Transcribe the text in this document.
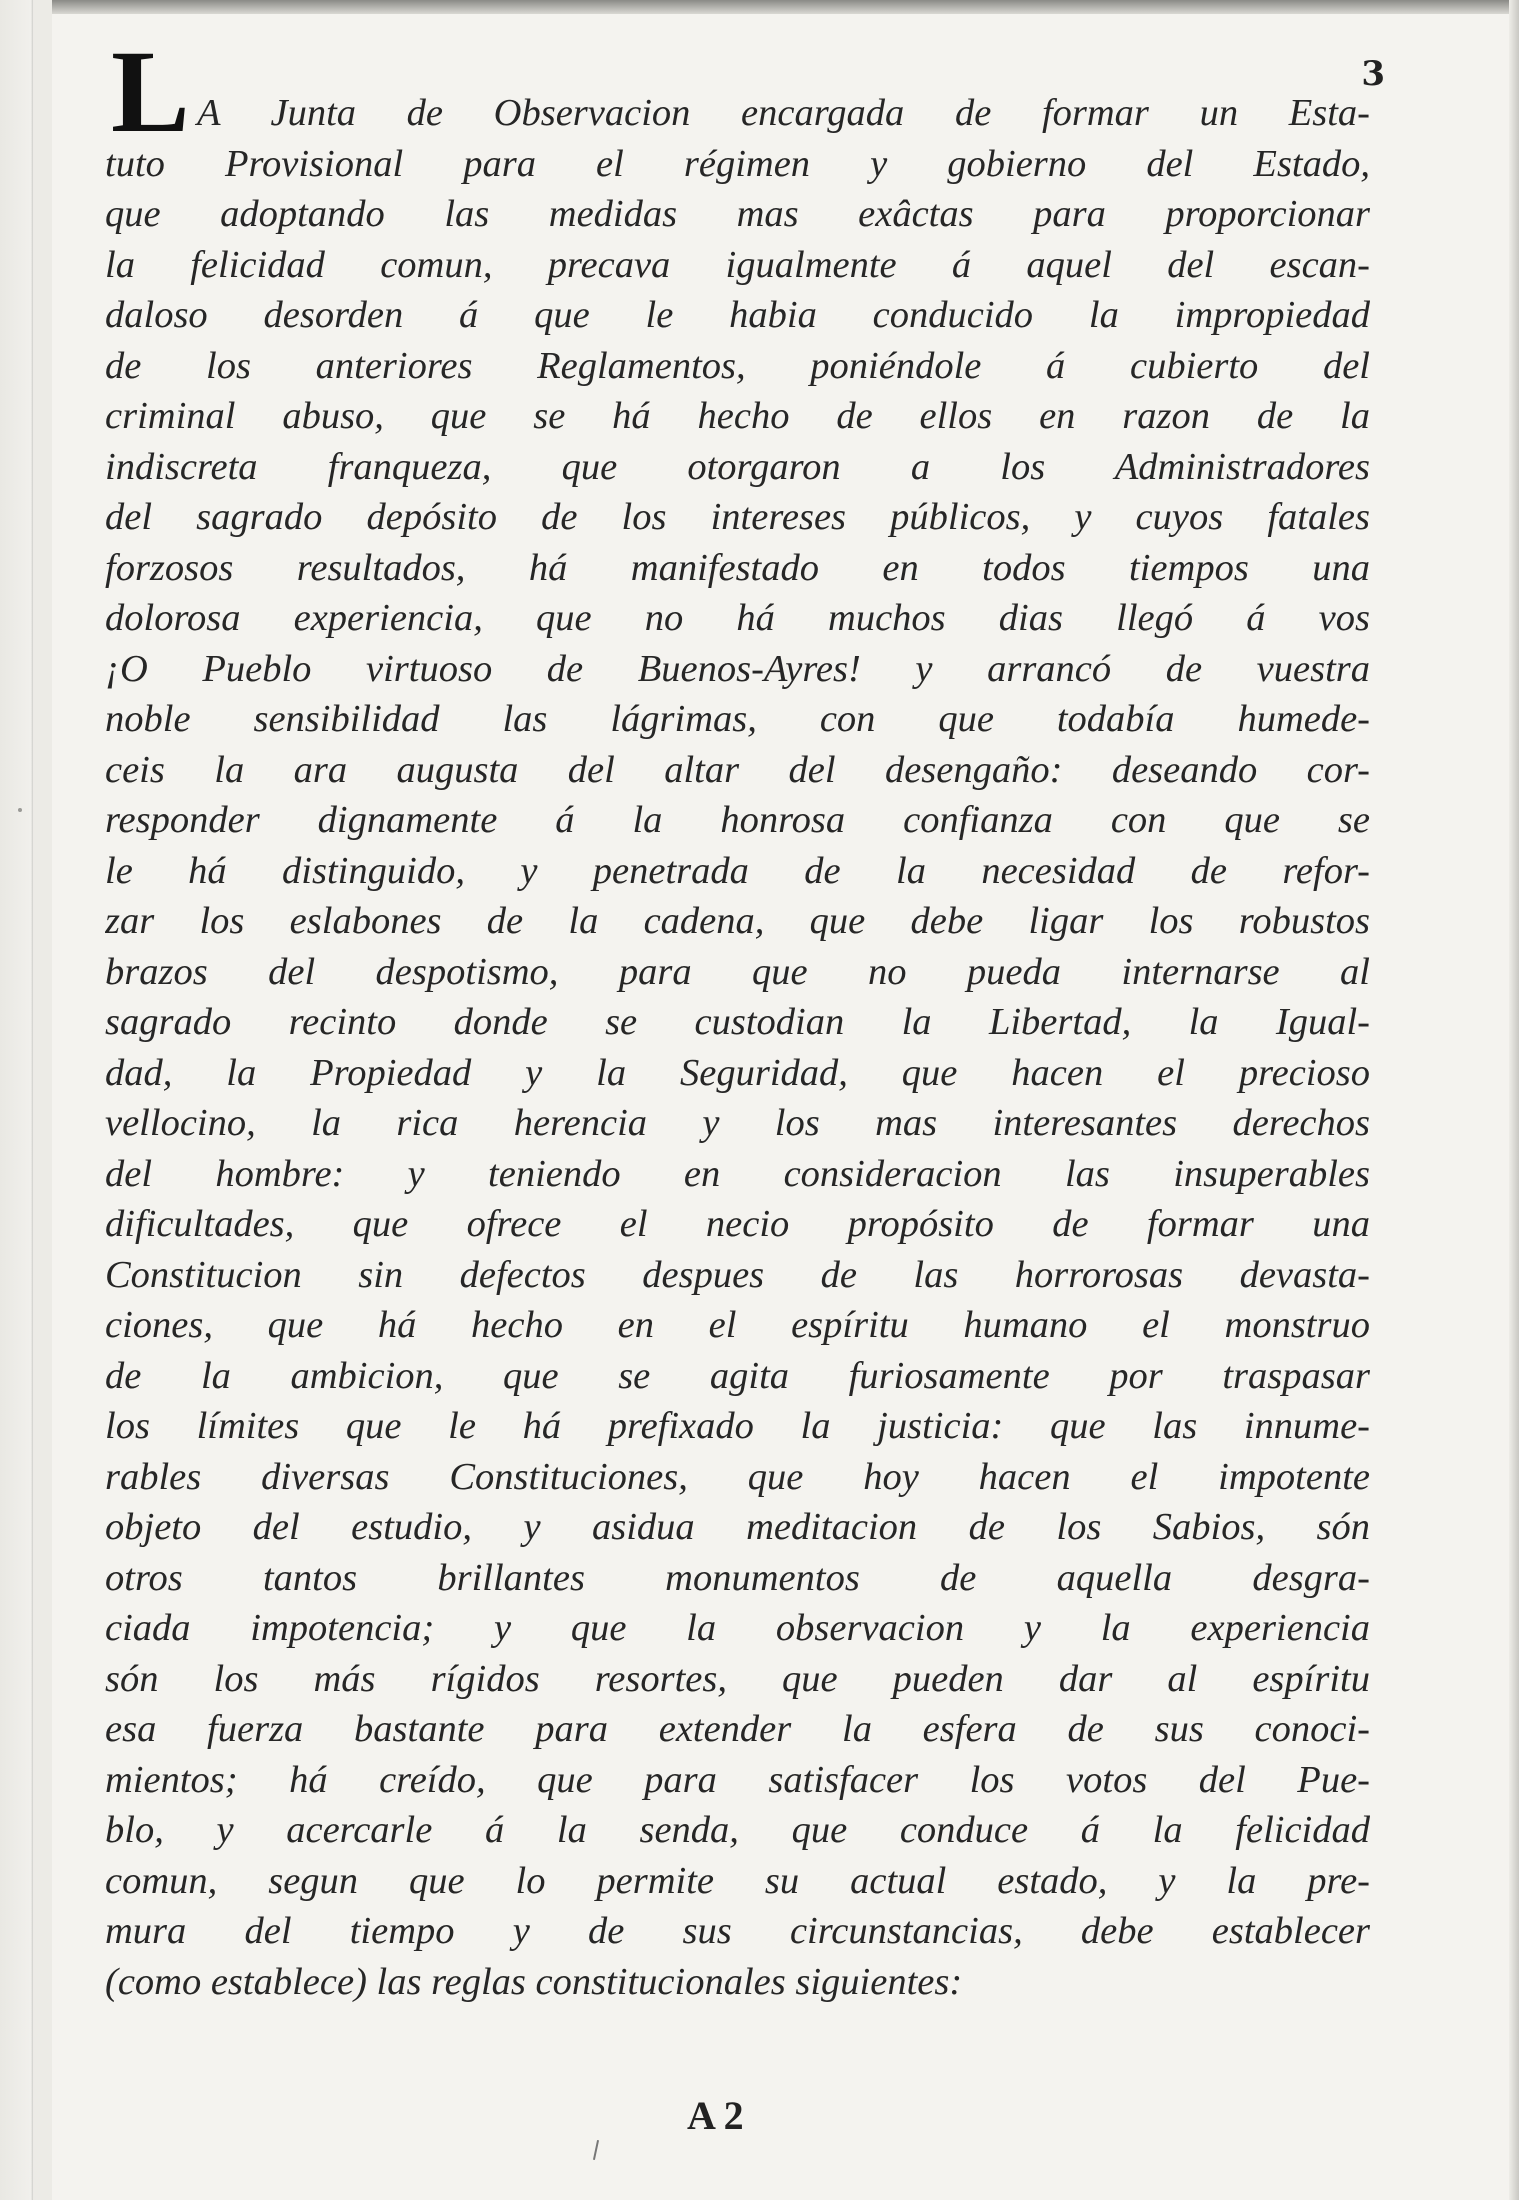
3
L A Junta de Observacion encargada de formar un Esta-
tuto Provisional para el régimen y gobierno del Estado,
que adoptando las medidas mas exâctas para proporcionar
la felicidad comun, precava igualmente á aquel del escan-
daloso desorden á que le habia conducido la impropiedad
de los anteriores Reglamentos, poniéndole á cubierto del
criminal abuso, que se há hecho de ellos en razon de la
indiscreta franqueza, que otorgaron a los Administradores
del sagrado depósito de los intereses públicos, y cuyos fatales
forzosos resultados, há manifestado en todos tiempos una
dolorosa experiencia, que no há muchos dias llegó á vos
¡O Pueblo virtuoso de Buenos-Ayres! y arrancó de vuestra
noble sensibilidad las lágrimas, con que todabía humede-
ceis la ara augusta del altar del desengaño: deseando cor-
responder dignamente á la honrosa confianza con que se
le há distinguido, y penetrada de la necesidad de refor-
zar los eslabones de la cadena, que debe ligar los robustos
brazos del despotismo, para que no pueda internarse al
sagrado recinto donde se custodian la Libertad, la Igual-
dad, la Propiedad y la Seguridad, que hacen el precioso
vellocino, la rica herencia y los mas interesantes derechos
del hombre: y teniendo en consideracion las insuperables
dificultades, que ofrece el necio propósito de formar una
Constitucion sin defectos despues de las horrorosas devasta-
ciones, que há hecho en el espíritu humano el monstruo
de la ambicion, que se agita furiosamente por traspasar
los límites que le há prefixado la justicia: que las innume-
rables diversas Constituciones, que hoy hacen el impotente
objeto del estudio, y asidua meditacion de los Sabios, són
otros tantos brillantes monumentos de aquella desgra-
ciada impotencia; y que la observacion y la experiencia
són los más rígidos resortes, que pueden dar al espíritu
esa fuerza bastante para extender la esfera de sus conoci-
mientos; há creído, que para satisfacer los votos del Pue-
blo, y acercarle á la senda, que conduce á la felicidad
comun, segun que lo permite su actual estado, y la pre-
mura del tiempo y de sus circunstancias, debe establecer
(como establece) las reglas constitucionales siguientes:
A 2
